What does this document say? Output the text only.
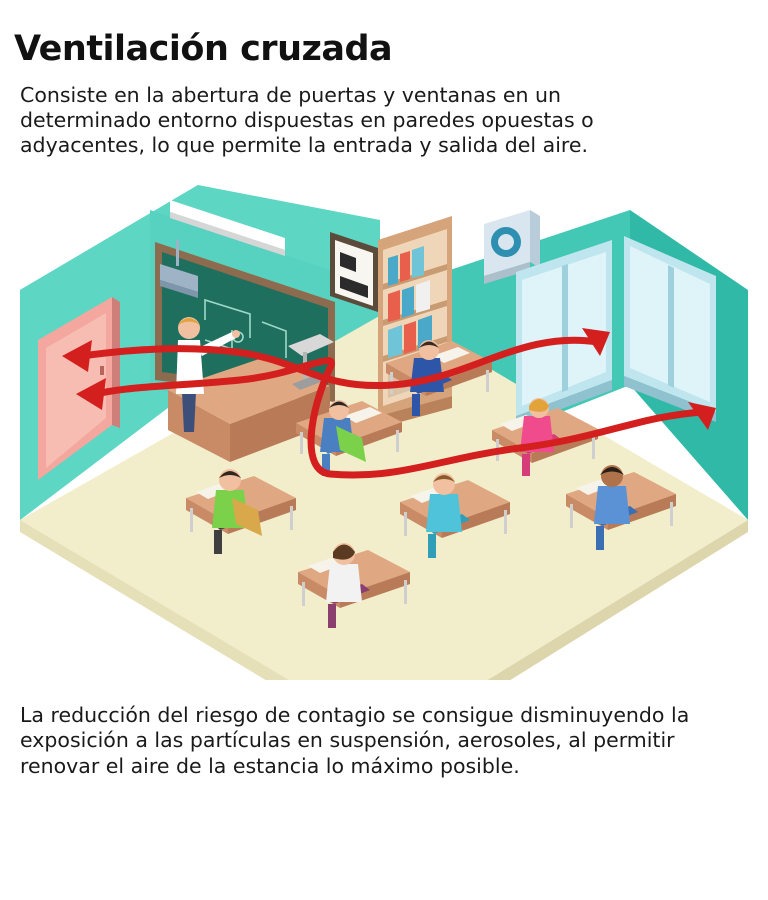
Ventilación cruzada

Consiste en la abertura de puertas y ventanas en un determinado entorno dispuestas en paredes opuestas o adyacentes, lo que permite la entrada y salida del aire.

La reducción del riesgo de contagio se consigue disminuyendo la exposición a las partículas en suspensión, aerosoles, al permitir renovar el aire de la estancia lo máximo posible.
